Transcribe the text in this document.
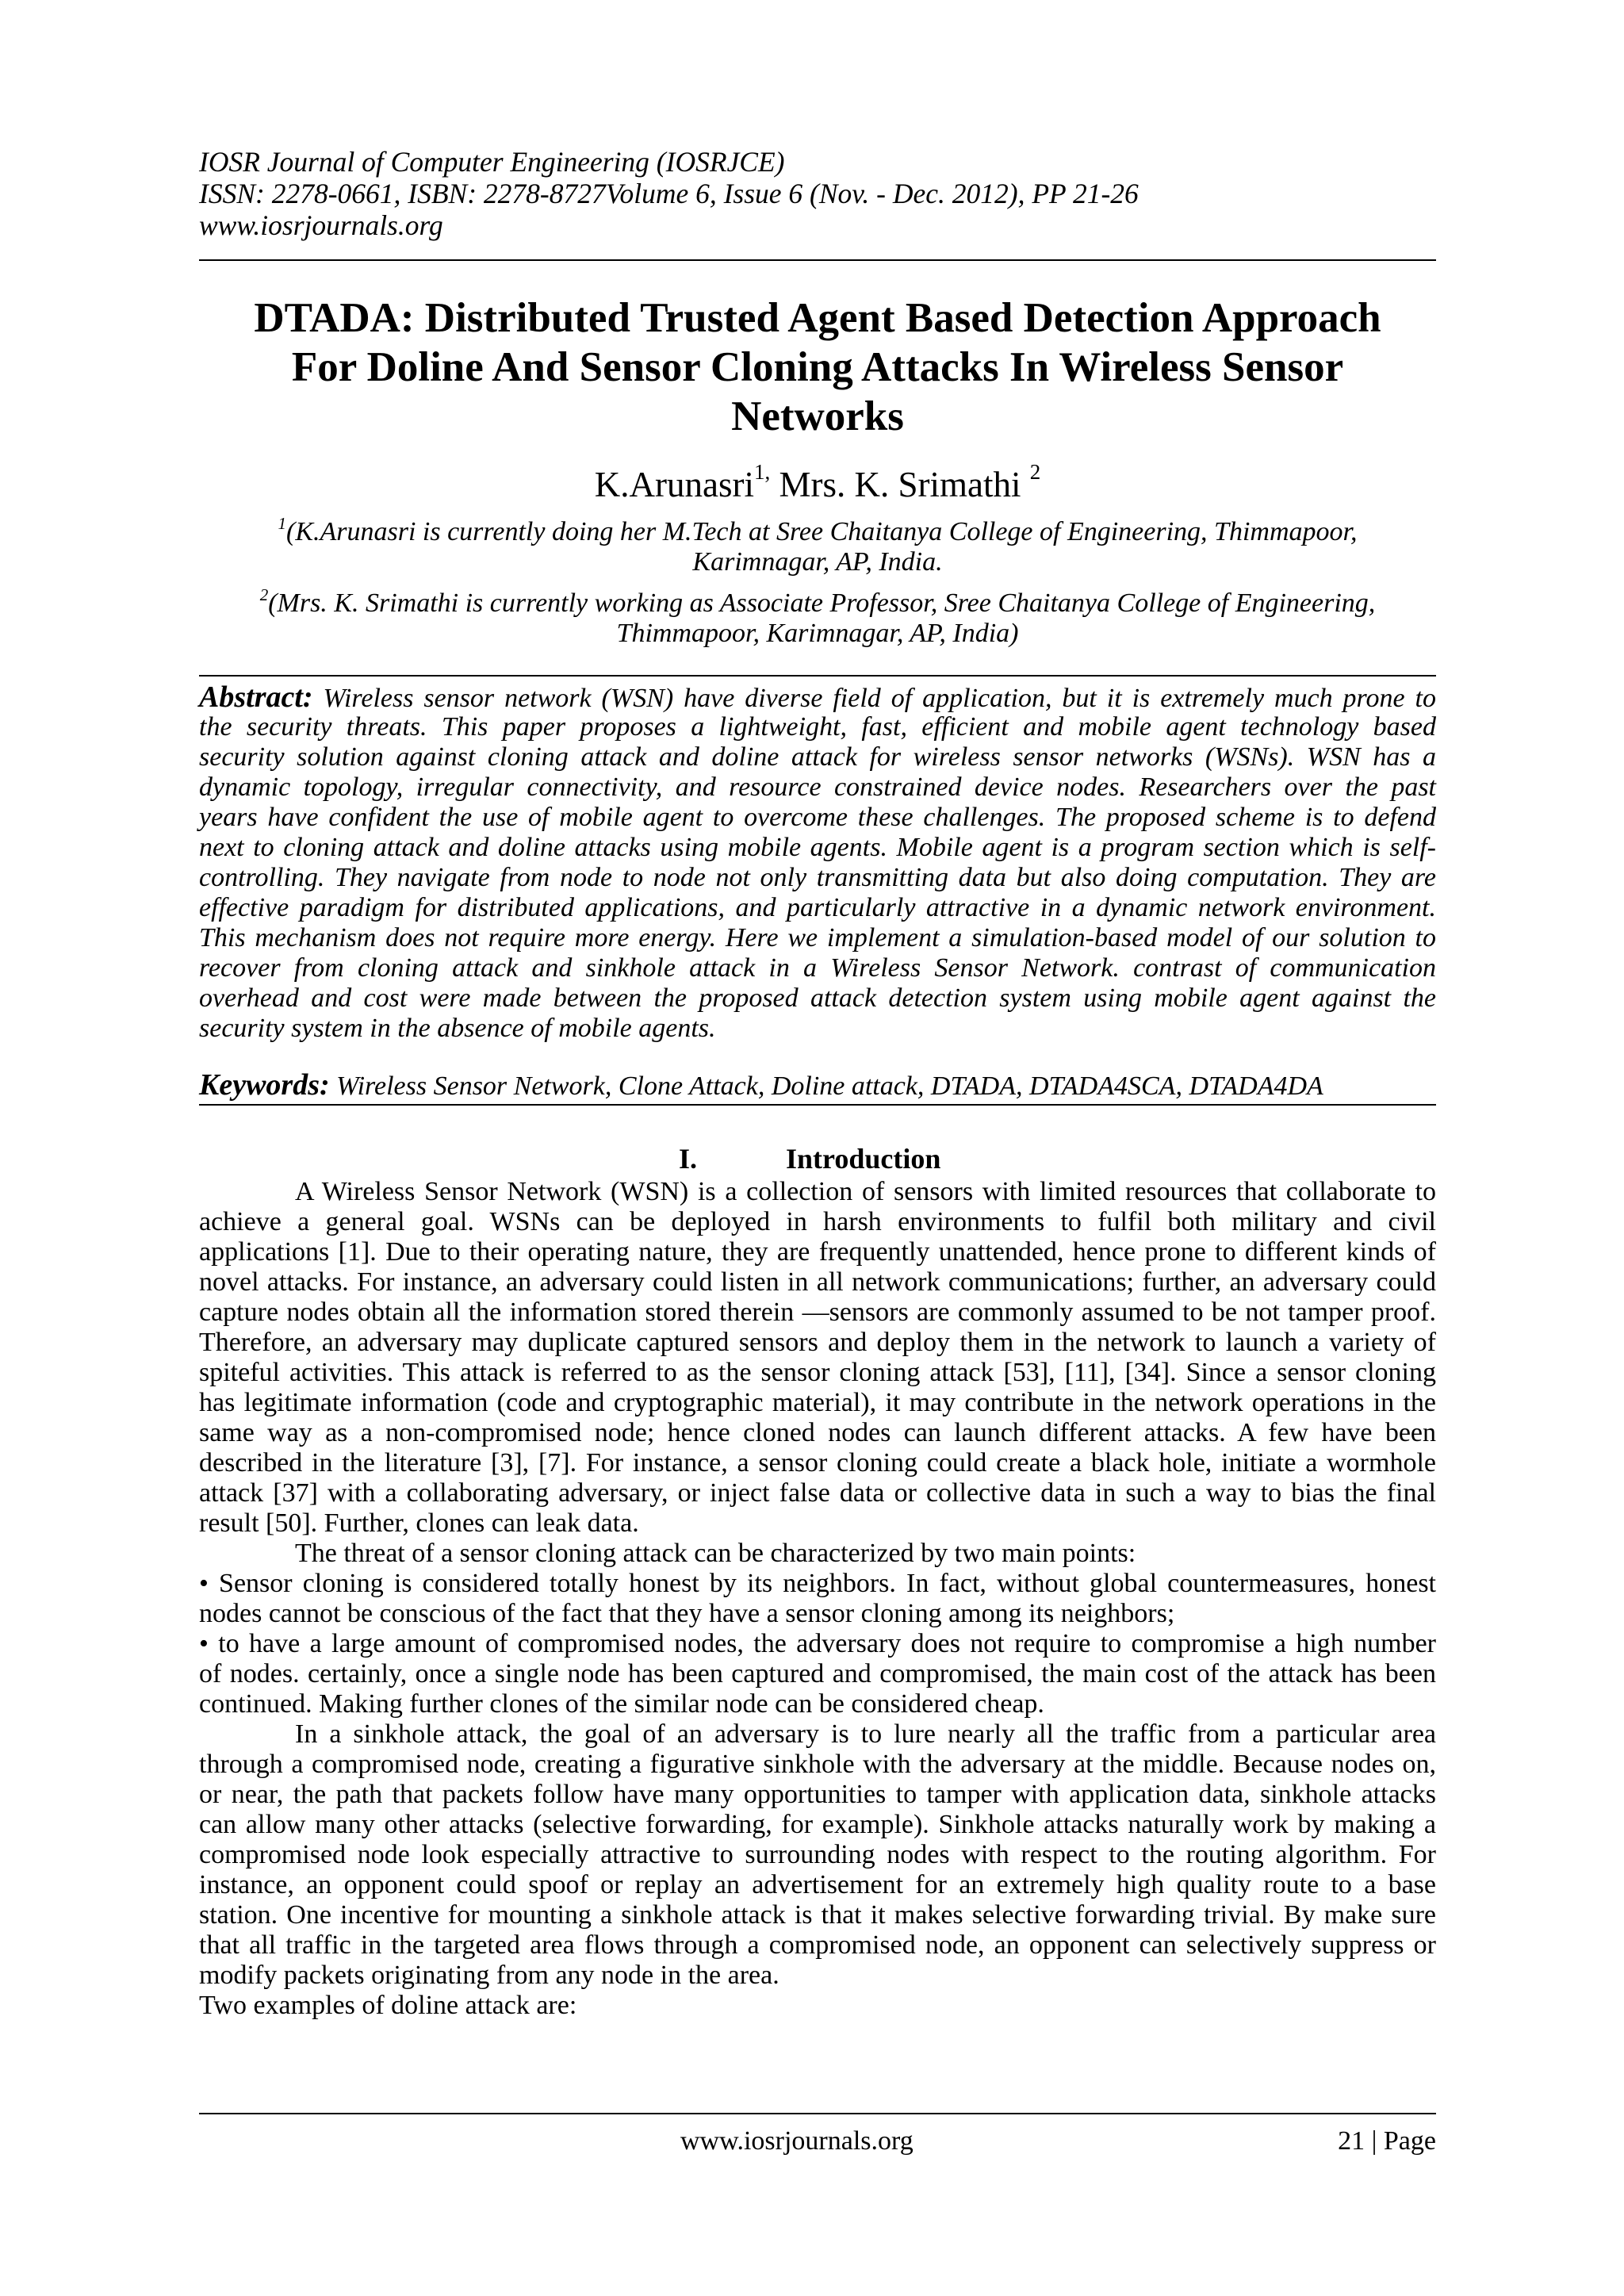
IOSR Journal of Computer Engineering (IOSRJCE)
ISSN: 2278-0661, ISBN: 2278-8727Volume 6, Issue 6 (Nov. - Dec. 2012), PP 21-26
www.iosrjournals.org
DTADA: Distributed Trusted Agent Based Detection Approach
For Doline And Sensor Cloning Attacks In Wireless Sensor
Networks
K.Arunasri$^{1,}$ Mrs. K. Srimathi $^2$
$^1$(K.Arunasri is currently doing her M.Tech at Sree Chaitanya College of Engineering, Thimmapoor,
Karimnagar, AP, India.
$^2$(Mrs. K. Srimathi is currently working as Associate Professor, Sree Chaitanya College of Engineering,
Thimmapoor, Karimnagar, AP, India)
Abstract: Wireless sensor network (WSN) have diverse field of application, but it is extremely much prone to
the security threats. This paper proposes a lightweight, fast, efficient and mobile agent technology based
security solution against cloning attack and doline attack for wireless sensor networks (WSNs). WSN has a
dynamic topology, irregular connectivity, and resource constrained device nodes. Researchers over the past
years have confident the use of mobile agent to overcome these challenges. The proposed scheme is to defend
next to cloning attack and doline attacks using mobile agents. Mobile agent is a program section which is self-
controlling. They navigate from node to node not only transmitting data but also doing computation. They are
effective paradigm for distributed applications, and particularly attractive in a dynamic network environment.
This mechanism does not require more energy. Here we implement a simulation-based model of our solution to
recover from cloning attack and sinkhole attack in a Wireless Sensor Network. contrast of communication
overhead and cost were made between the proposed attack detection system using mobile agent against the
security system in the absence of mobile agents.
Keywords: Wireless Sensor Network, Clone Attack, Doline attack, DTADA, DTADA4SCA, DTADA4DA
I.	Introduction
A Wireless Sensor Network (WSN) is a collection of sensors with limited resources that collaborate to
achieve a general goal. WSNs can be deployed in harsh environments to fulfil both military and civil
applications [1]. Due to their operating nature, they are frequently unattended, hence prone to different kinds of
novel attacks. For instance, an adversary could listen in all network communications; further, an adversary could
capture nodes obtain all the information stored therein —sensors are commonly assumed to be not tamper proof.
Therefore, an adversary may duplicate captured sensors and deploy them in the network to launch a variety of
spiteful activities. This attack is referred to as the sensor cloning attack [53], [11], [34]. Since a sensor cloning
has legitimate information (code and cryptographic material), it may contribute in the network operations in the
same way as a non-compromised node; hence cloned nodes can launch different attacks. A few have been
described in the literature [3], [7]. For instance, a sensor cloning could create a black hole, initiate a wormhole
attack [37] with a collaborating adversary, or inject false data or collective data in such a way to bias the final
result [50]. Further, clones can leak data.
The threat of a sensor cloning attack can be characterized by two main points:
• Sensor cloning is considered totally honest by its neighbors. In fact, without global countermeasures, honest
nodes cannot be conscious of the fact that they have a sensor cloning among its neighbors;
• to have a large amount of compromised nodes, the adversary does not require to compromise a high number
of nodes. certainly, once a single node has been captured and compromised, the main cost of the attack has been
continued. Making further clones of the similar node can be considered cheap.
In a sinkhole attack, the goal of an adversary is to lure nearly all the traffic from a particular area
through a compromised node, creating a figurative sinkhole with the adversary at the middle. Because nodes on,
or near, the path that packets follow have many opportunities to tamper with application data, sinkhole attacks
can allow many other attacks (selective forwarding, for example). Sinkhole attacks naturally work by making a
compromised node look especially attractive to surrounding nodes with respect to the routing algorithm. For
instance, an opponent could spoof or replay an advertisement for an extremely high quality route to a base
station. One incentive for mounting a sinkhole attack is that it makes selective forwarding trivial. By make sure
that all traffic in the targeted area flows through a compromised node, an opponent can selectively suppress or
modify packets originating from any node in the area.
Two examples of doline attack are:
www.iosrjournals.org	21 | Page
